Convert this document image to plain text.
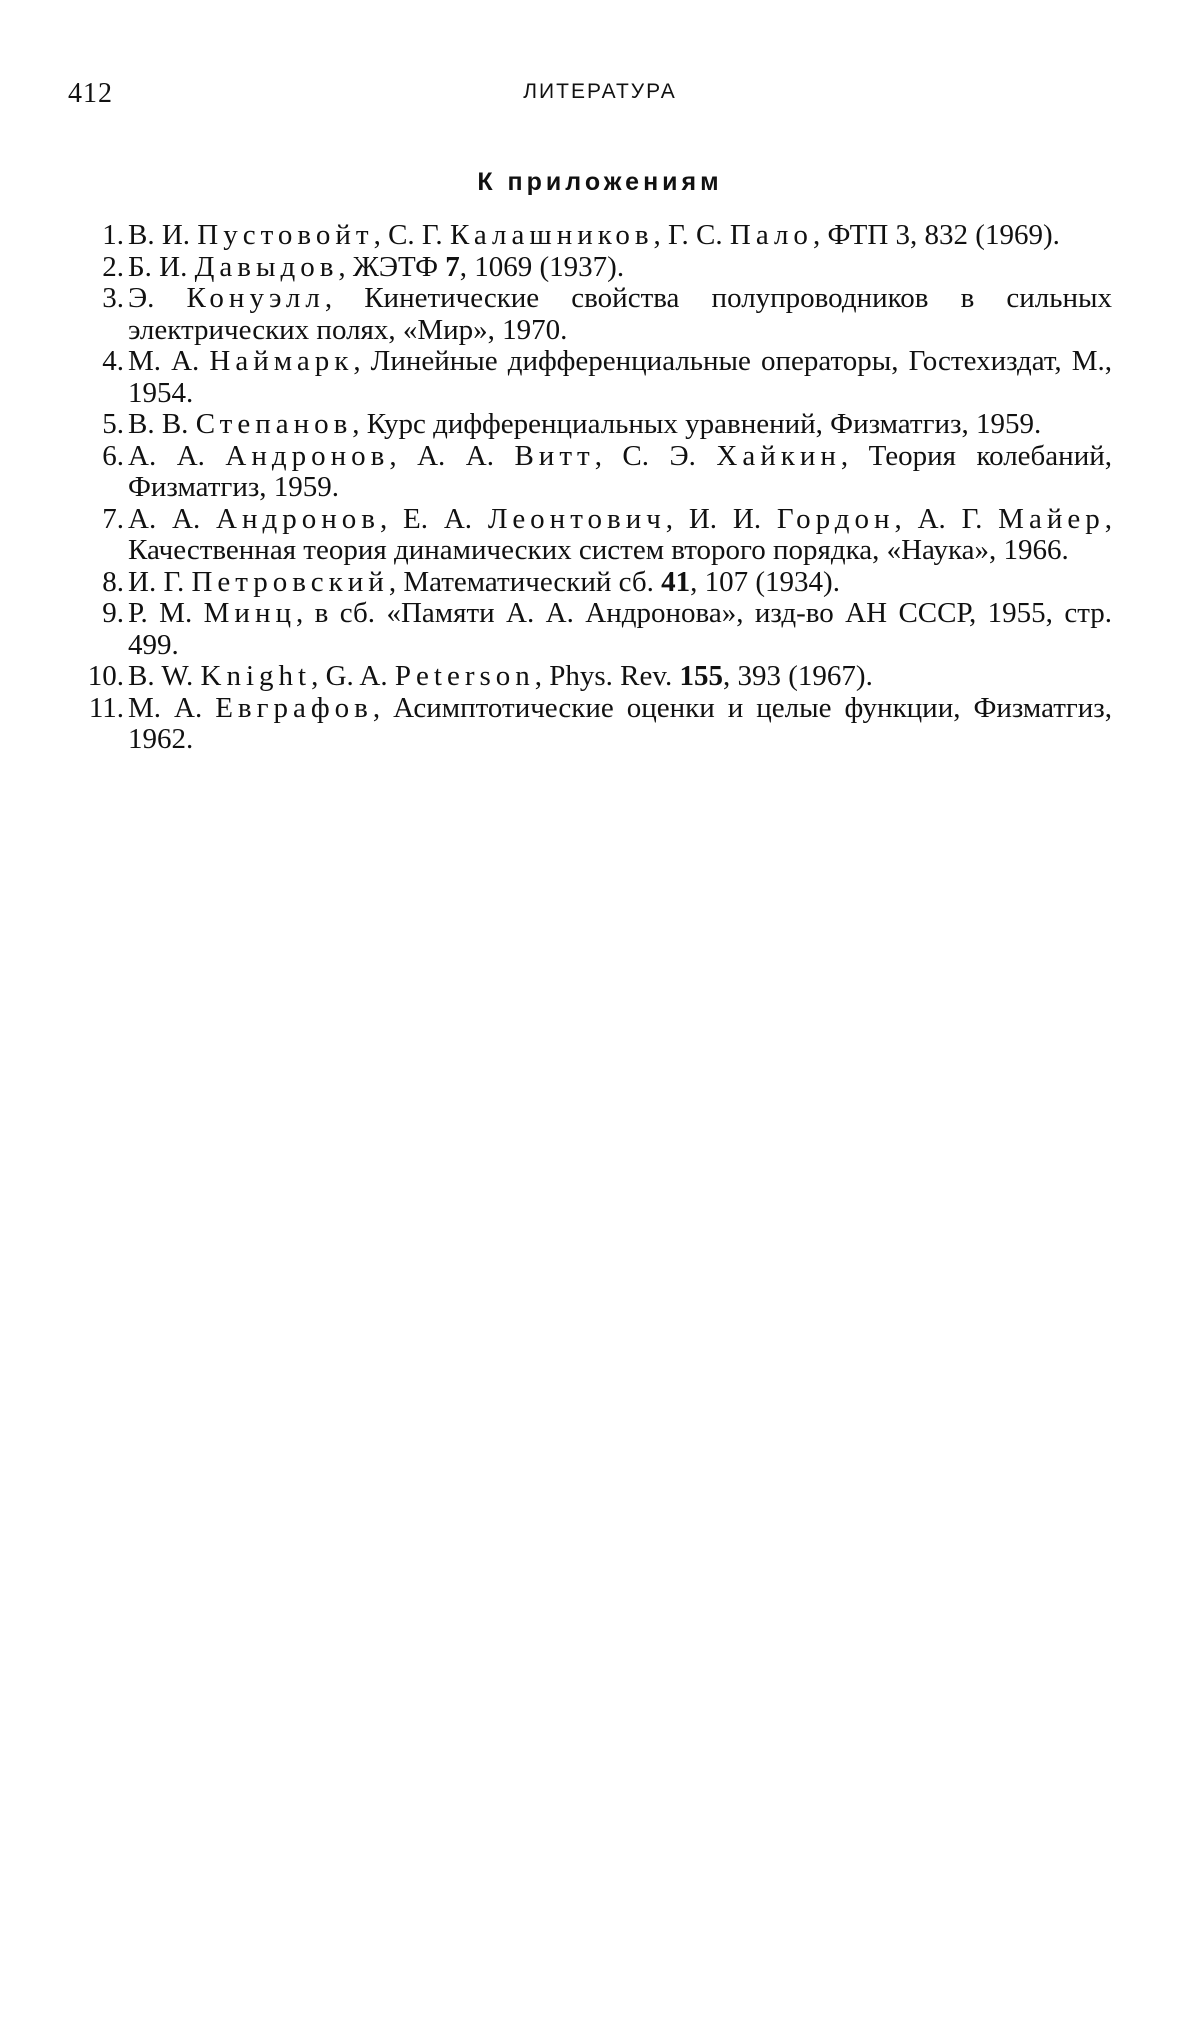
412	ЛИТЕРАТУРА
К приложениям
1. В. И. Пустовойт, С. Г. Калашников, Г. С. Пало, ФТП 3, 832 (1969).
2. Б. И. Давыдов, ЖЭТФ 7, 1069 (1937).
3. Э. Конуэлл, Кинетические свойства полупроводников в сильных электрических полях, «Мир», 1970.
4. М. А. Наймарк, Линейные дифференциальные операторы, Гостехиздат, М., 1954.
5. В. В. Степанов, Курс дифференциальных уравнений, Физматгиз, 1959.
6. А. А. Андронов, А. А. Витт, С. Э. Хайкин, Теория колебаний, Физматгиз, 1959.
7. А. А. Андронов, Е. А. Леонтович, И. И. Гордон, А. Г. Майер, Качественная теория динамических систем второго порядка, «Наука», 1966.
8. И. Г. Петровский, Математический сб. 41, 107 (1934).
9. Р. М. Минц, в сб. «Памяти А. А. Андронова», изд-во АН СССР, 1955, стр. 499.
10. B. W. Knight, G. A. Peterson, Phys. Rev. 155, 393 (1967).
11. М. А. Евграфов, Асимптотические оценки и целые функции, Физматгиз, 1962.
